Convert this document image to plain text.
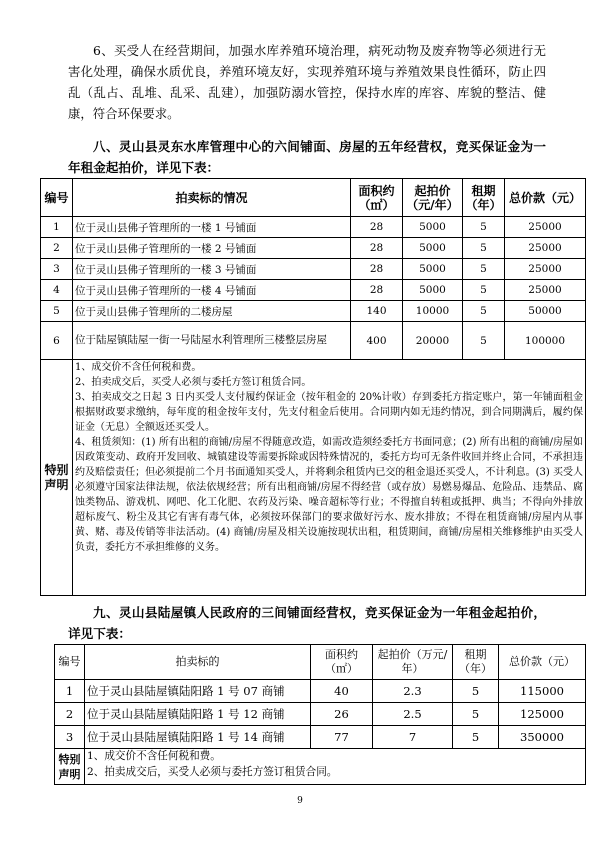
6、买受人在经营期间，加强水库养殖环境治理，病死动物及废弃物等必须进行无害化处理，确保水质优良，养殖环境友好，实现养殖环境与养殖效果良性循环，防止四乱（乱占、乱堆、乱采、乱建），加强防溺水管控，保持水库的库容、库貌的整洁、健康，符合环保要求。
八、灵山县灵东水库管理中心的六间铺面、房屋的五年经营权，竞买保证金为一年租金起拍价，详见下表：
编号	拍卖标的情况	面积约（㎡）	起拍价（元/年）	租期（年）	总价款（元）
1	位于灵山县佛子管理所的一楼 1 号铺面	28	5000	5	25000
2	位于灵山县佛子管理所的一楼 2 号铺面	28	5000	5	25000
3	位于灵山县佛子管理所的一楼 3 号铺面	28	5000	5	25000
4	位于灵山县佛子管理所的一楼 4 号铺面	28	5000	5	25000
5	位于灵山县佛子管理所的二楼房屋	140	10000	5	50000
6	位于陆屋镇陆屋一街一号陆屋水利管理所三楼整层房屋	400	20000	5	100000
特别声明	1、成交价不含任何税和费。
2、拍卖成交后，买受人必须与委托方签订租赁合同。
3、拍卖成交之日起 3 日内买受人支付履约保证金（按年租金的 20%计收）存到委托方指定账户，第一年铺面租金根据财政要求缴纳，每年度的租金按年支付，先支付租金后使用。合同期内如无违约情况，到合同期满后，履约保证金（无息）全额返还买受人。
4、租赁须知：(1) 所有出租的商铺/房屋不得随意改造，如需改造须经委托方书面同意；(2) 所有出租的商铺/房屋如因政策变动、政府开发回收、城镇建设等需要拆除或因特殊情况的，委托方均可无条件收回并终止合同，不承担违约及赔偿责任；但必须提前二个月书面通知买受人，并将剩余租赁内已交的租金退还买受人，不计利息。(3) 买受人必须遵守国家法律法规，依法依规经营；所有出租商铺/房屋不得经营（或存放）易燃易爆品、危险品、违禁品、腐蚀类物品、游戏机、网吧、化工化肥、农药及污染、噪音超标等行业；不得擅自转租或抵押、典当；不得向外排放超标废气、粉尘及其它有害有毒气体，必须按环保部门的要求做好污水、废水排放；不得在租赁商铺/房屋内从事黄、赌、毒及传销等非法活动。(4) 商铺/房屋及相关设施按现状出租，租赁期间，商铺/房屋相关维修维护由买受人负责，委托方不承担维修的义务。				
九、灵山县陆屋镇人民政府的三间铺面经营权，竞买保证金为一年租金起拍价，详见下表：
编号	拍卖标的	面积约（㎡）	起拍价（万元/年）	租期（年）	总价款（元）
1	位于灵山县陆屋镇陆阳路 1 号 07 商铺	40	2.3	5	115000
2	位于灵山县陆屋镇陆阳路 1 号 12 商铺	26	2.5	5	125000
3	位于灵山县陆屋镇陆阳路 1 号 14 商铺	77	7	5	350000
特别声明	1、成交价不含任何税和费。
2、拍卖成交后，买受人必须与委托方签订租赁合同。				
9
